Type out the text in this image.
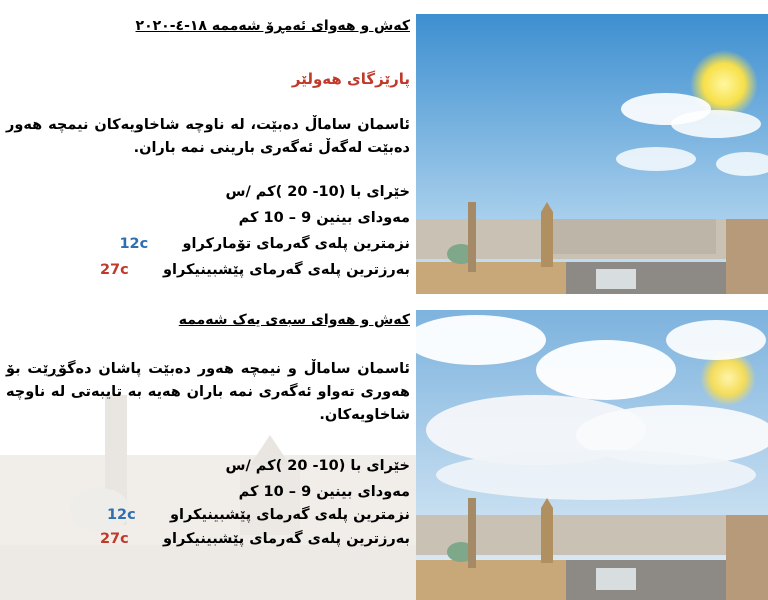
کەش و هەوای ئەمڕۆ شەممە ١٨-٤-٢٠٢٠
پارێزگای هەولێر
ئاسمان ساماڵ دەبێت، لە ناوچە شاخاویەکان نیمچە هەور دەبێت لەگەڵ ئەگەری بارینی نمە باران.
خێرای با (10- 20 )کم /س
مەودای بینین 9 – 10 کم
نزمترین پلەی گەرمای تۆمارکراو 12c
بەرزترین پلەی گەرمای پێشبینیکراو 27c
کەش و هەوای سبەی یەک شەممە
ئاسمان ساماڵ و نیمچە هەور دەبێت پاشان دەگۆڕێت بۆ هەوری تەواو ئەگەری نمە باران هەیە بە تایبەتی لە ناوچە شاخاویەکان.
خێرای با (10- 20 )کم /س
مەودای بینین 9 – 10 کم
نزمترین پلەی گەرمای پێشبینیکراو 12c
بەرزترین پلەی گەرمای پێشبینیکراو 27c
